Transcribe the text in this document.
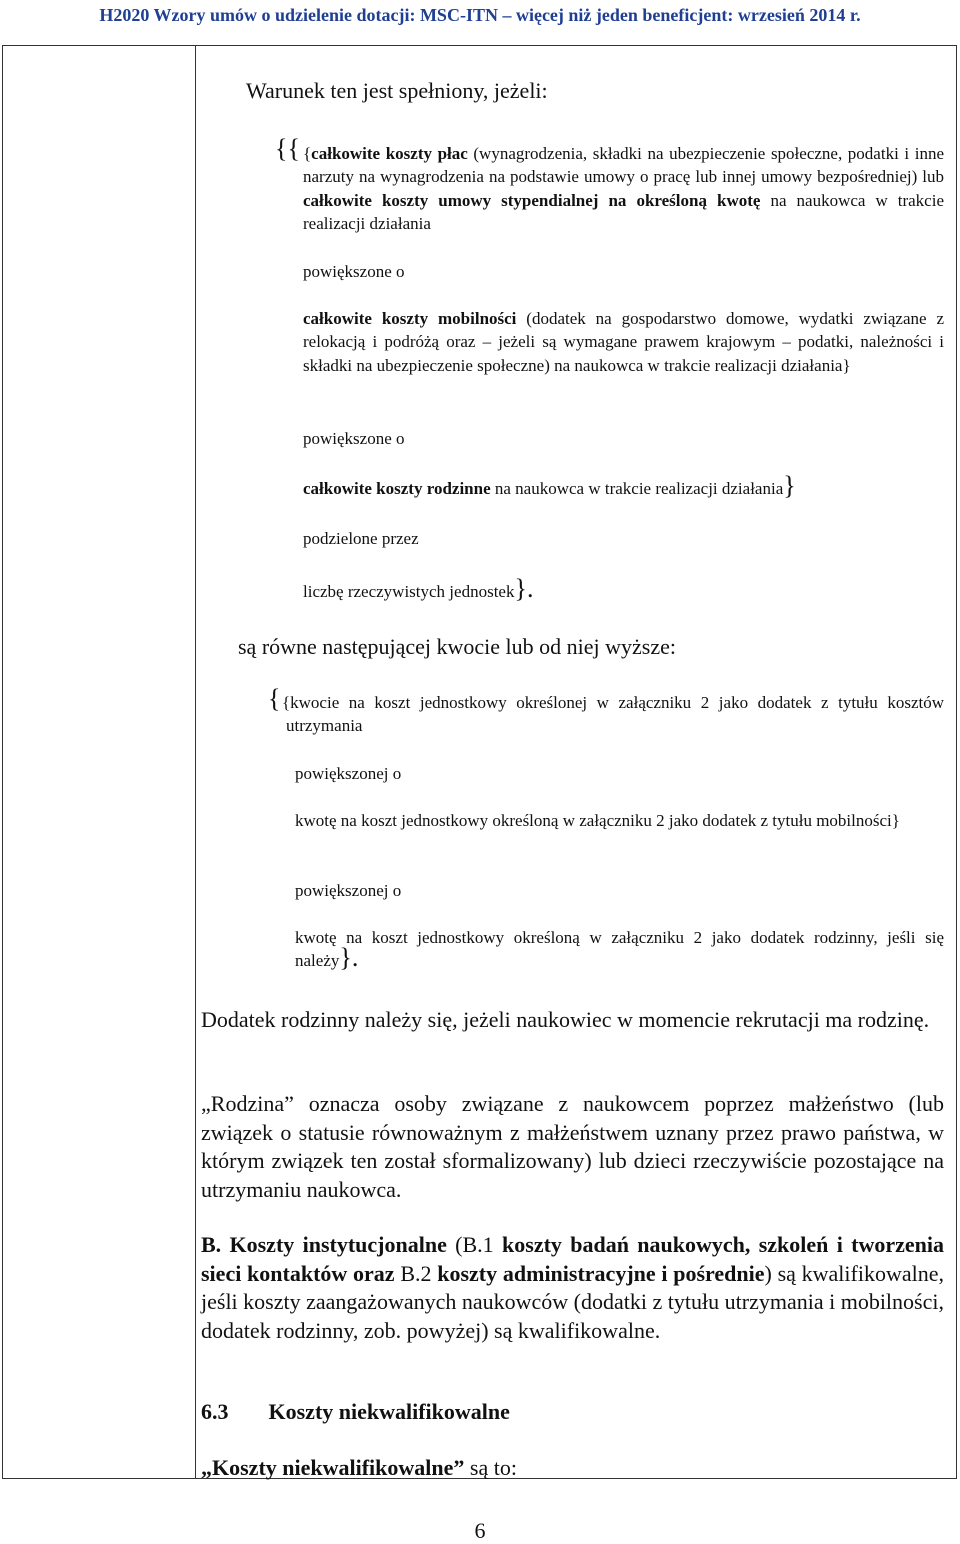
H2020 Wzory umów o udzielenie dotacji: MSC-ITN – więcej niż jeden beneficjent: wrzesień 2014 r.

Warunek ten jest spełniony, jeżeli:

{{ {całkowite koszty płac (wynagrodzenia, składki na ubezpieczenie społeczne, podatki i inne narzuty na wynagrodzenia na podstawie umowy o pracę lub innej umowy bezpośredniej) lub całkowite koszty umowy stypendialnej na określoną kwotę na naukowca w trakcie realizacji działania

powiększone o

całkowite koszty mobilności (dodatek na gospodarstwo domowe, wydatki związane z relokacją i podróżą oraz – jeżeli są wymagane prawem krajowym – podatki, należności i składki na ubezpieczenie społeczne) na naukowca w trakcie realizacji działania}

powiększone o

całkowite koszty rodzinne na naukowca w trakcie realizacji działania}

podzielone przez

liczbę rzeczywistych jednostek}.

są równe następującej kwocie lub od niej wyższe:

{ {kwocie na koszt jednostkowy określonej w załączniku 2 jako dodatek z tytułu kosztów utrzymania

powiększonej o

kwotę na koszt jednostkowy określoną w załączniku 2 jako dodatek z tytułu mobilności}

powiększonej o

kwotę na koszt jednostkowy określoną w załączniku 2 jako dodatek rodzinny, jeśli się należy}.

Dodatek rodzinny należy się, jeżeli naukowiec w momencie rekrutacji ma rodzinę.

„Rodzina” oznacza osoby związane z naukowcem poprzez małżeństwo (lub związek o statusie równoważnym z małżeństwem uznany przez prawo państwa, w którym związek ten został sformalizowany) lub dzieci rzeczywiście pozostające na utrzymaniu naukowca.

B. Koszty instytucjonalne (B.1 koszty badań naukowych, szkoleń i tworzenia sieci kontaktów oraz B.2 koszty administracyjne i pośrednie) są kwalifikowalne, jeśli koszty zaangażowanych naukowców (dodatki z tytułu utrzymania i mobilności, dodatek rodzinny, zob. powyżej) są kwalifikowalne.

6.3 Koszty niekwalifikowalne

„Koszty niekwalifikowalne” są to:

6
